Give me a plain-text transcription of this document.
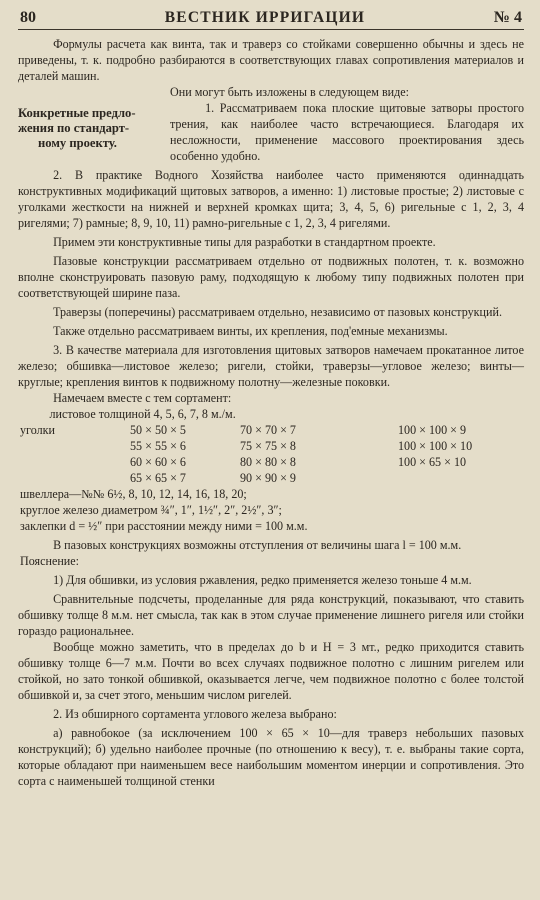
80	ВЕСТНИК ИРРИГАЦИИ	№ 4

Формулы расчета как винта, так и траверз со стойками совершенно обычны и здесь не приведены, т. к. подробно разбираются в соответствующих главах сопротивления материалов и деталей машин.

Конкретные предло-
жения по стандарт-
ному проекту.

Они могут быть изложены в следующем виде:

1. Рассматриваем пока плоские щитовые затворы простого трения, как наиболее часто встречающиеся. Благодаря их несложности, применение массового проектирования здесь особенно удобно.

2. В практике Водного Хозяйства наиболее часто применяются одиннадцать конструктивных модификаций щитовых затворов, а именно: 1) листовые простые; 2) листовые с уголками жесткости на нижней и верхней кромках щита; 3, 4, 5, 6) ригельные с 1, 2, 3, 4 ригелями; 7) рамные; 8, 9, 10, 11) рамно-ригельные с 1, 2, 3, 4 ригелями.

Примем эти конструктивные типы для разработки в стандартном проекте.

Пазовые конструкции рассматриваем отдельно от подвижных полотен, т. к. возможно вполне сконструировать пазовую раму, подходящую к любому типу подвижных полотен при соответствующей ширине паза.

Траверзы (поперечины) рассматриваем отдельно, независимо от пазовых конструкций.

Также отдельно рассматриваем винты, их крепления, под'емные механизмы.

3. В качестве материала для изготовления щитовых затворов намечаем прокатанное литое железо; обшивка—листовое железо; ригели, стойки, траверзы—угловое железо; винты—круглые; крепления винтов к подвижному полотну—железные поковки.

Намечаем вместе с тем сортамент:

листовое толщиной 4, 5, 6, 7, 8 м./м.

уголки	50 × 50 × 5	70 × 70 × 7	100 × 100 × 9
55 × 55 × 6	75 × 75 × 8	100 × 100 × 10
60 × 60 × 6	80 × 80 × 8	100 × 65 × 10
65 × 65 × 7	90 × 90 × 9

швеллера—№№ 6½, 8, 10, 12, 14, 16, 18, 20;

круглое железо диаметром ¾″, 1″, 1½″, 2″, 2½″, 3″;

заклепки d = ½″ при расстоянии между ними = 100 м.м.

В пазовых конструкциях возможны отступления от величины шага l = 100 м.м.

Пояснение:

1) Для обшивки, из условия ржавления, редко применяется железо тоньше 4 м.м.

Сравнительные подсчеты, проделанные для ряда конструкций, показывают, что ставить обшивку толще 8 м.м. нет смысла, так как в этом случае применение лишнего ригеля или стойки гораздо рациональнее.

Вообще можно заметить, что в пределах до b и H = 3 мт., редко приходится ставить обшивку толще 6—7 м.м. Почти во всех случаях подвижное полотно с лишним ригелем или стойкой, но зато тонкой обшивкой, оказывается легче, чем подвижное полотно с более толстой обшивкой и, за счет этого, меньшим числом ригелей.

2. Из обширного сортамента углового железа выбрано:

а) равнобокое (за исключением 100 × 65 × 10—для траверз небольших пазовых конструкций); б) удельно наиболее прочные (по отношению к весу), т. е. выбраны такие сорта, которые обладают при наименьшем весе наибольшим моментом инерции и сопротивления. Это сорта с наименьшей толщиной стенки
